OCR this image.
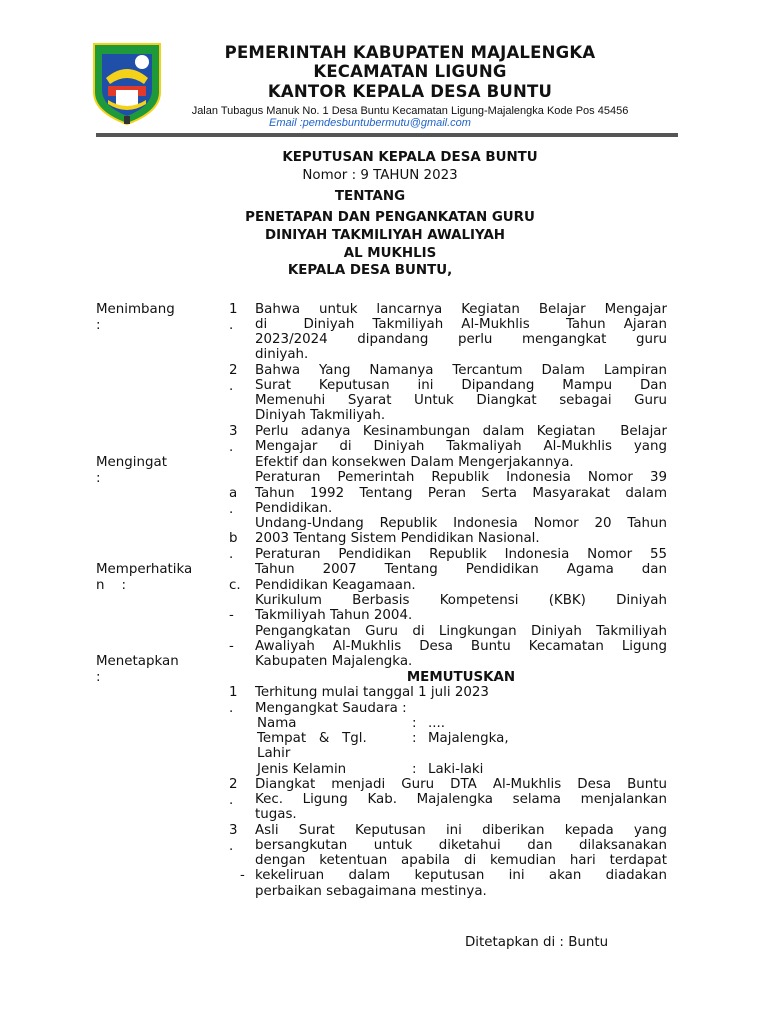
PEMERINTAH KABUPATEN MAJALENGKA
KECAMATAN LIGUNG
KANTOR KEPALA DESA BUNTU
Jalan Tubagus Manuk No. 1 Desa Buntu Kecamatan Ligung-Majalengka Kode Pos 45456
Email :pemdesbuntubermutu@gmail.com
KEPUTUSAN KEPALA DESA BUNTU
Nomor : 9 TAHUN 2023
TENTANG
PENETAPAN DAN PENGANKATAN GURU
DINIYAH TAKMILIYAH AWALIYAH
AL MUKHLIS
KEPALA DESA BUNTU,
Menimbang
:
Mengingat
:
Memperhatika
n    :
Menetapkan
:
1
.
2
.
3
.
a
.
b
.
c.
-
-
1
.
2
.
3
.
-
Bahwa untuk lancarnya Kegiatan Belajar Mengajar
di  Diniyah Takmiliyah Al-Mukhlis  Tahun Ajaran
2023/2024  dipandang  perlu  mengangkat  guru
diniyah.
Bahwa Yang Namanya Tercantum Dalam Lampiran
Surat  Keputusan  ini  Dipandang  Mampu  Dan
Memenuhi Syarat Untuk Diangkat sebagai Guru
Diniyah Takmiliyah.
Perlu adanya Kesinambungan dalam Kegiatan  Belajar
Mengajar di Diniyah Takmaliyah Al-Mukhlis yang
Efektif dan konsekwen Dalam Mengerjakannya.
Peraturan Pemerintah Republik Indonesia Nomor 39
Tahun 1992 Tentang Peran Serta Masyarakat dalam
Pendidikan.
Undang-Undang Republik Indonesia Nomor 20 Tahun
2003 Tentang Sistem Pendidikan Nasional.
Peraturan Pendidikan Republik Indonesia Nomor 55
Tahun  2007  Tentang  Pendidikan  Agama  dan
Pendidikan Keagamaan.
Kurikulum  Berbasis  Kompetensi  (KBK)  Diniyah
Takmiliyah Tahun 2004.
Pengangkatan Guru di Lingkungan Diniyah Takmiliyah
Awaliyah Al-Mukhlis Desa Buntu Kecamatan Ligung
Kabupaten Majalengka.
MEMUTUSKAN
Terhitung mulai tanggal 1 juli 2023
Mengangkat Saudara :
Nama	: ....
Tempat   &   Tgl.
Lahir
: Majalengka,
Jenis Kelamin	: Laki-laki
Diangkat menjadi Guru DTA Al-Mukhlis Desa Buntu
Kec.  Ligung  Kab.  Majalengka  selama  menjalankan
tugas.
Asli  Surat  Keputusan  ini  diberikan  kepada  yang
bersangkutan  untuk  diketahui  dan  dilaksanakan
dengan ketentuan apabila di kemudian hari terdapat
kekeliruan  dalam  keputusan  ini  akan  diadakan
perbaikan sebagaimana mestinya.
Ditetapkan di : Buntu
